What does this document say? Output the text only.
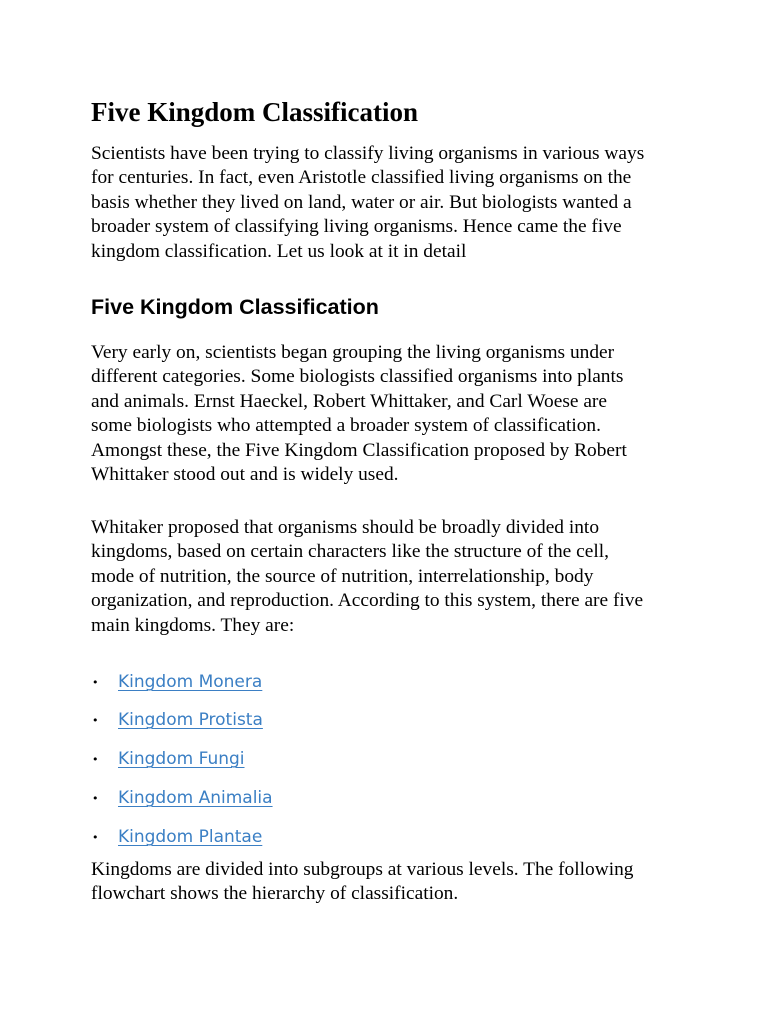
Five Kingdom Classification

Scientists have been trying to classify living organisms in various ways
for centuries. In fact, even Aristotle classified living organisms on the
basis whether they lived on land, water or air. But biologists wanted a
broader system of classifying living organisms. Hence came the five
kingdom classification. Let us look at it in detail

Five Kingdom Classification

Very early on, scientists began grouping the living organisms under
different categories. Some biologists classified organisms into plants
and animals. Ernst Haeckel, Robert Whittaker, and Carl Woese are
some biologists who attempted a broader system of classification.
Amongst these, the Five Kingdom Classification proposed by Robert
Whittaker stood out and is widely used.

Whitaker proposed that organisms should be broadly divided into
kingdoms, based on certain characters like the structure of the cell,
mode of nutrition, the source of nutrition, interrelationship, body
organization, and reproduction. According to this system, there are five
main kingdoms. They are:

• Kingdom Monera
• Kingdom Protista
• Kingdom Fungi
• Kingdom Animalia
• Kingdom Plantae

Kingdoms are divided into subgroups at various levels. The following
flowchart shows the hierarchy of classification.
